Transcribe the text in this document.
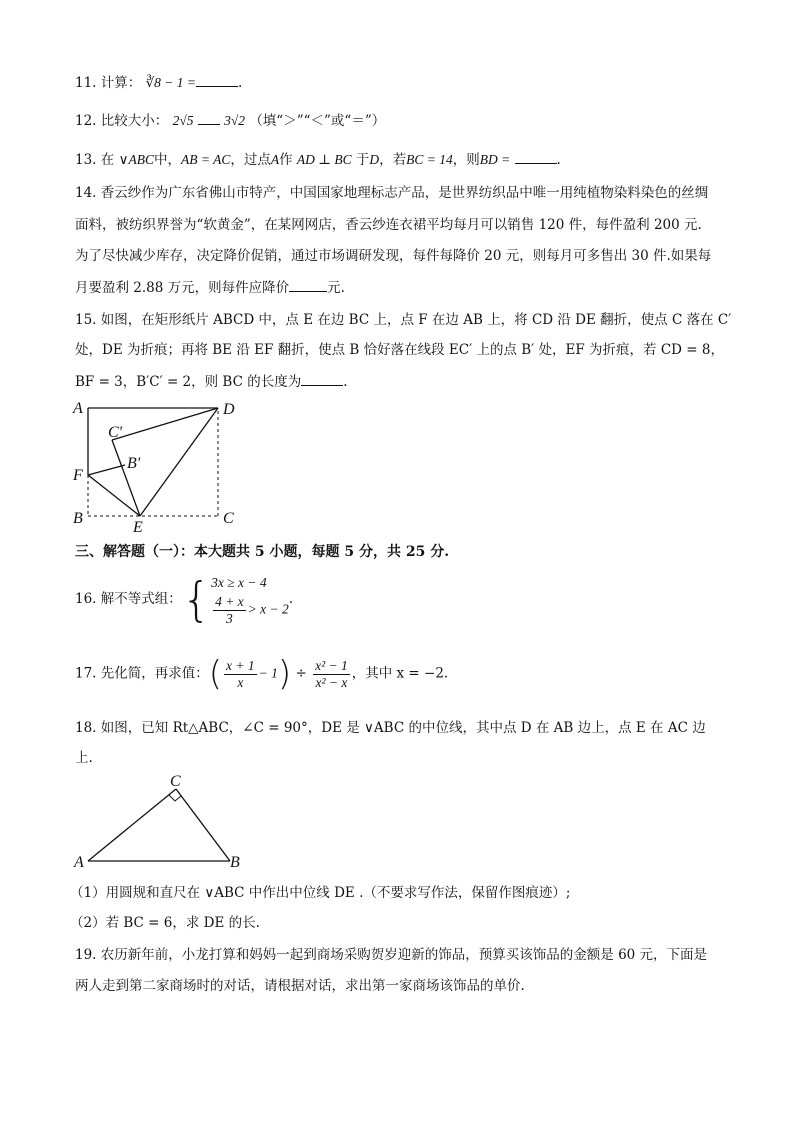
11. 计算： ∛8 − 1 =	.
12. 比较大小： 2√5 3√2 （填“＞”“＜”或“＝”）
13. 在 ∨ABC中，AB = AC，过点A作 AD ⊥ BC 于D，若BC = 14，则BD =	.
14. 香云纱作为广东省佛山市特产，中国国家地理标志产品，是世界纺织品中唯一用纯植物染料染色的丝绸
面料，被纺织界誉为“软黄金”，在某网网店，香云纱连衣裙平均每月可以销售 120 件，每件盈利 200 元.
为了尽快减少库存，决定降价促销，通过市场调研发现，每件每降价 20 元，则每月可多售出 30 件.如果每
月要盈利 2.88 万元，则每件应降价	元.
15. 如图，在矩形纸片 ABCD 中，点 E 在边 BC 上，点 F 在边 AB 上，将 CD 沿 DE 翻折，使点 C 落在 C′
处，DE 为折痕；再将 BE 沿 EF 翻折，使点 B 恰好落在线段 EC′ 上的点 B′ 处，EF 为折痕，若 CD = 8，
BF = 3，B′C′ = 2，则 BC 的长度为	.
A	D
C′
B′
F
B
E
C
三、解答题（一）：本大题共 5 小题，每题 5 分，共 25 分.
16. 解不等式组：{ 3x ≥ x − 4
$\frac{4 + x}{3} > x - 2$
.
17. 先化简，再求值：( $\frac{x + 1}{x} - 1) \div \frac{\text{x² − 1}}{\text{x² − x}}$ ，其中 x = −2.
18. 如图，已知 Rt△ABC，∠C = 90°，DE 是 ∨ABC 的中位线，其中点 D 在 AB 边上，点 E 在 AC 边
上.
A	B
C
（1）用圆规和直尺在 ∨ABC 中作出中位线 DE .（不要求写作法，保留作图痕迹）;
（2）若 BC = 6，求 DE 的长.
19. 农历新年前，小龙打算和妈妈一起到商场采购贺岁迎新的饰品，预算买该饰品的金额是 60 元，下面是
两人走到第二家商场时的对话，请根据对话，求出第一家商场该饰品的单价.
